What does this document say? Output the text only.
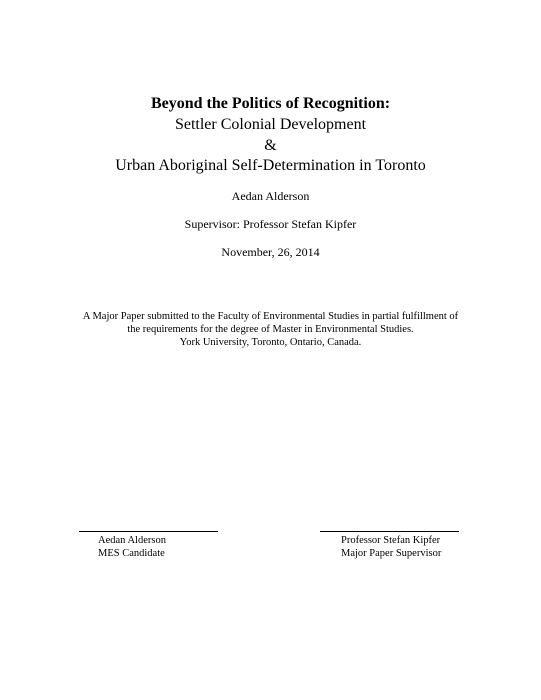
Beyond the Politics of Recognition:
Settler Colonial Development
&
Urban Aboriginal Self-Determination in Toronto
Aedan Alderson
Supervisor: Professor Stefan Kipfer
November, 26, 2014
A Major Paper submitted to the Faculty of Environmental Studies in partial fulfillment of
the requirements for the degree of Master in Environmental Studies.
York University, Toronto, Ontario, Canada.
Aedan Alderson
MES Candidate
Professor Stefan Kipfer
Major Paper Supervisor
